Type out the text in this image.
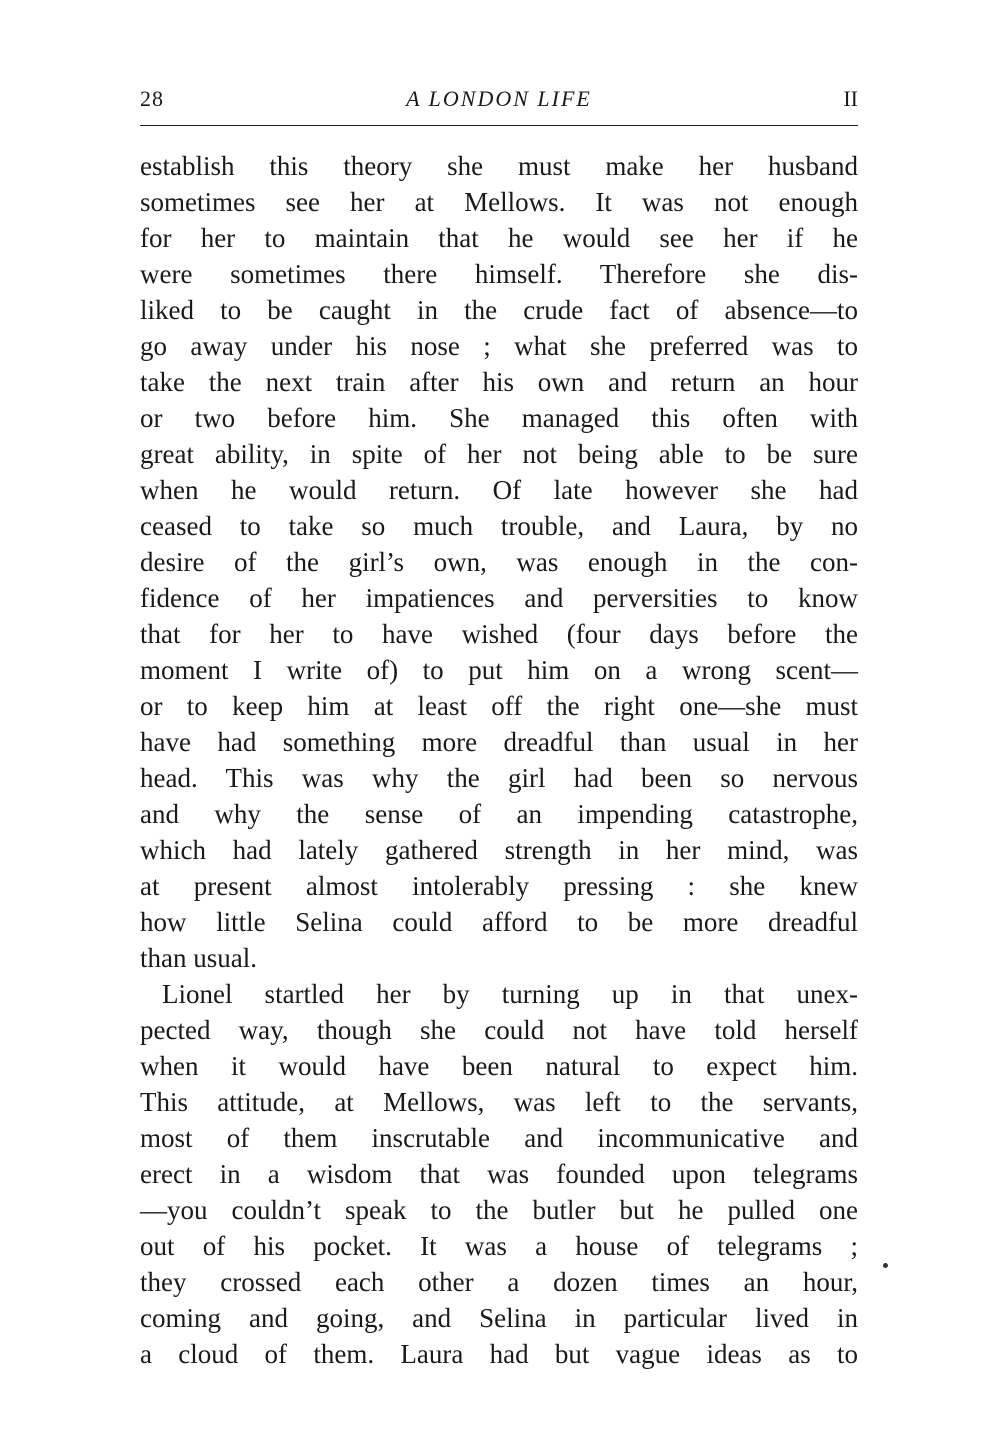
28	A LONDON LIFE	II
establish this theory she must make her husband
sometimes see her at Mellows. It was not enough
for her to maintain that he would see her if he
were sometimes there himself. Therefore she dis-
liked to be caught in the crude fact of absence—to
go away under his nose ; what she preferred was to
take the next train after his own and return an hour
or two before him. She managed this often with
great ability, in spite of her not being able to be sure
when he would return. Of late however she had
ceased to take so much trouble, and Laura, by no
desire of the girl’s own, was enough in the con-
fidence of her impatiences and perversities to know
that for her to have wished (four days before the
moment I write of) to put him on a wrong scent—
or to keep him at least off the right one—she must
have had something more dreadful than usual in her
head. This was why the girl had been so nervous
and why the sense of an impending catastrophe,
which had lately gathered strength in her mind, was
at present almost intolerably pressing : she knew
how little Selina could afford to be more dreadful
than usual.
Lionel startled her by turning up in that unex-
pected way, though she could not have told herself
when it would have been natural to expect him.
This attitude, at Mellows, was left to the servants,
most of them inscrutable and incommunicative and
erect in a wisdom that was founded upon telegrams
—you couldn’t speak to the butler but he pulled one
out of his pocket. It was a house of telegrams ;
they crossed each other a dozen times an hour,
coming and going, and Selina in particular lived in
a cloud of them. Laura had but vague ideas as to
